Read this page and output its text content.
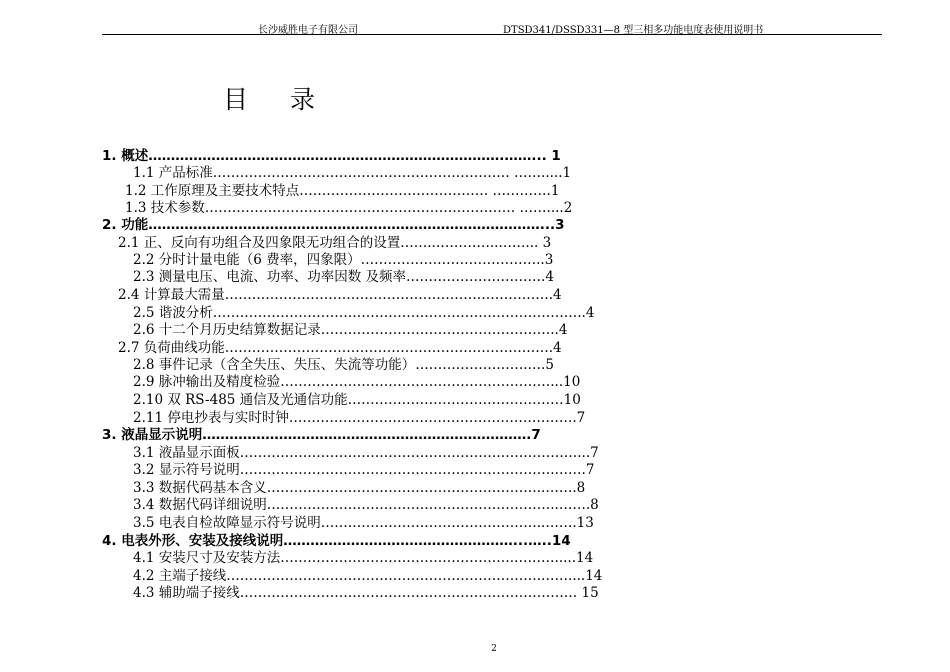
长沙威胜电子有限公司	DTSD341/DSSD331—8 型三相多功能电度表使用说明书
目录
1. 概述…………………………………………………………………….……... 1
1.1 产品标准………………………………………………………… …….....1
1.2 工作原理及主要技术特点…………………………………… ………….1
1.3 技术参数…………………………………………………………… ……....2
2. 功能……………………………………………………………………………...3
2.1 正、反向有功组合及四象限无功组合的设置……..…………..……... 3
2.2 分时计量电能（6 费率，四象限）…………………………………..3
2.3 测量电压、电流、功率、功率因数 及频率………………………….4
2.4 计算最大需量……………………………………………………………….4
2.5 谐波分析………………………………………………………………………..4
2.6 十二个月历史结算数据记录……………………………………………..4
2.7 负荷曲线功能……………………………………………………………….4
2.8 事件记录（含全失压、失压、失流等功能）…………………….….5
2.9 脉冲输出及精度检验……………………………………………………...10
2.10 双 RS-485 通信及光通信功能…………………………………………10
2.11 停电抄表与实时时钟……………………………………………………….7
3. 液晶显示说明……………………………………………………………….7
3.1 液晶显示面板…………………………………………………………………...7
3.2 显示符号说明…………………………………………………………….…….7
3.3 数据代码基本含义……………………………………………………..…….8
3.4 数据代码详细说明………………………………………………………..…….8
3.5 电表自检故障显示符号说明…………………………………………..…….13
4. 电表外形、安装及接线说明……………………………………………...…..14
4.1 安装尺寸及安装方法…………………………………………….……….....14
4.2 主端子接线…………………………………………………………….……....14
4.3 辅助端子接线………………………………………………………………… 15
2
